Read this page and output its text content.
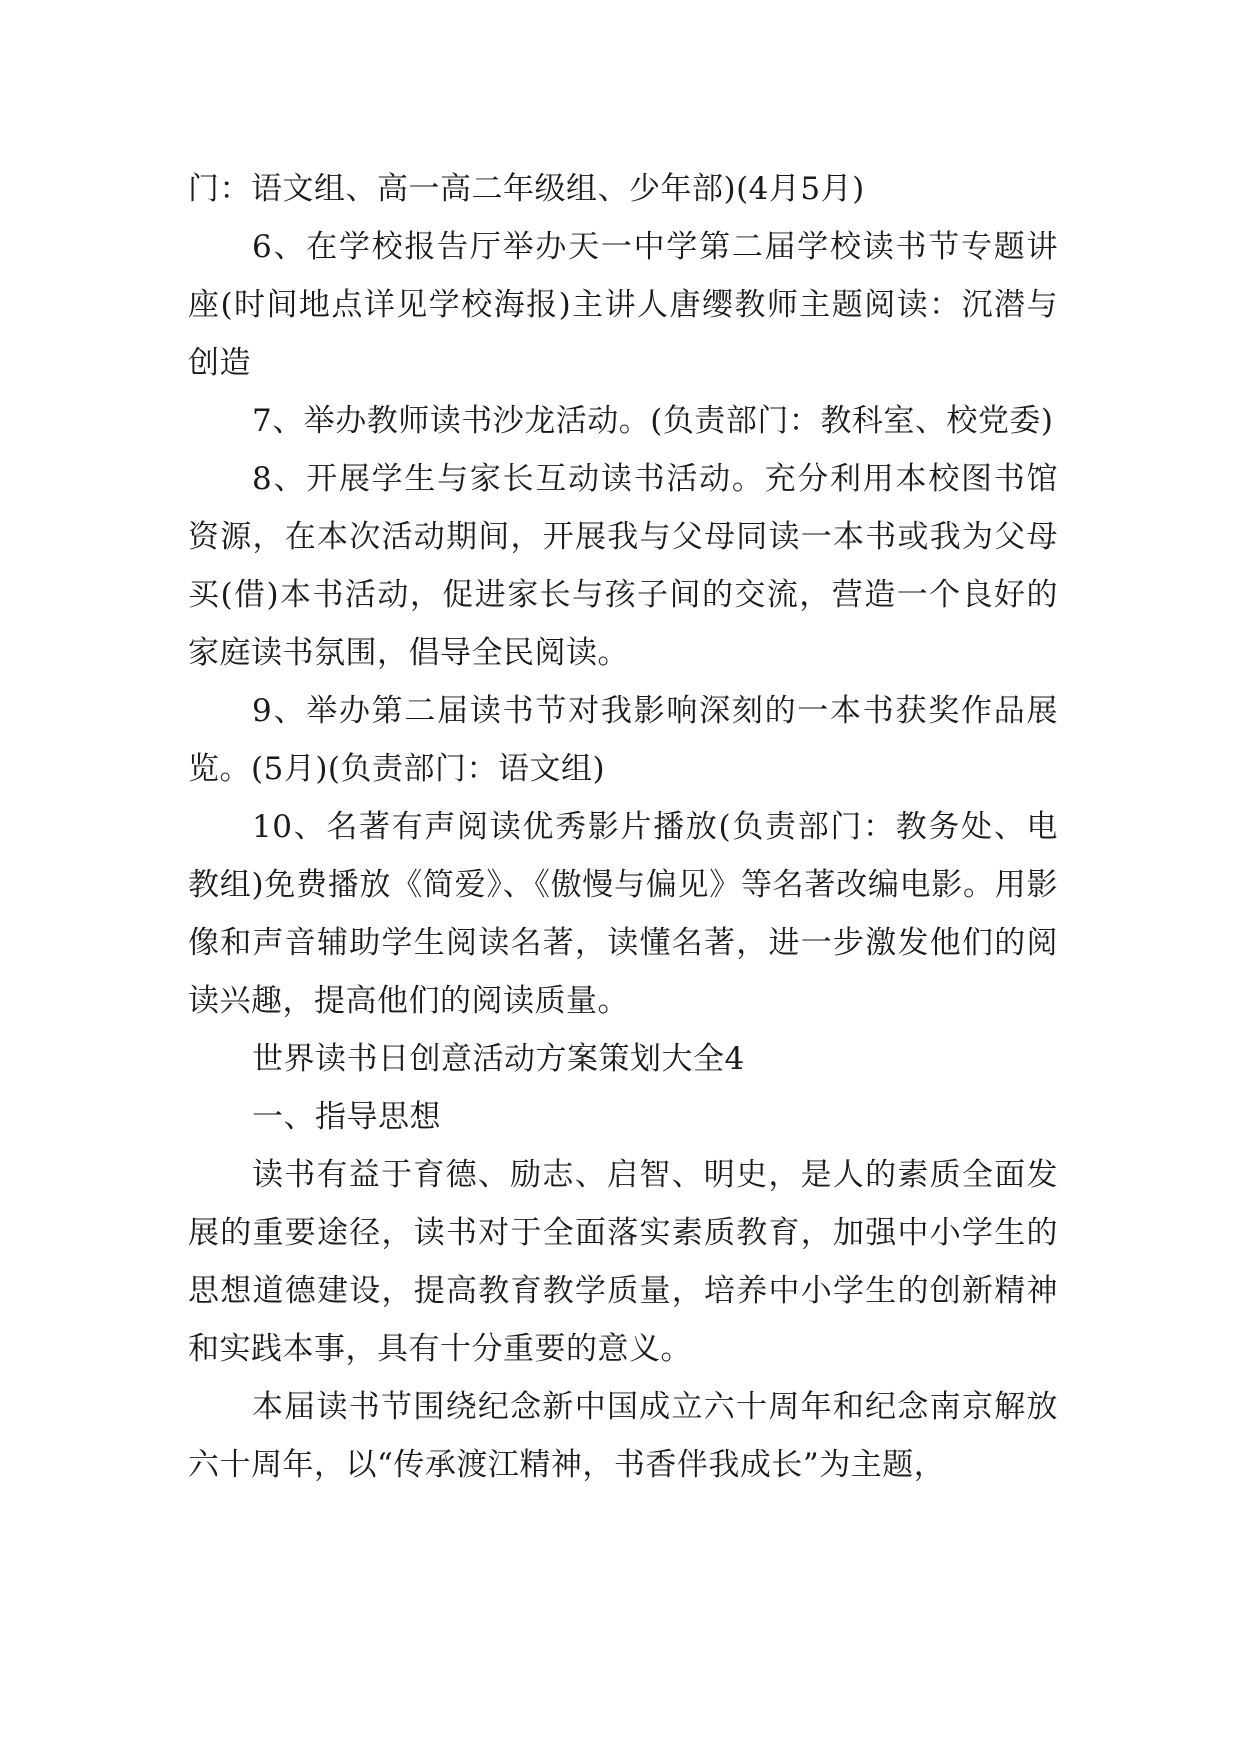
门：语文组、高一高二年级组、少年部)(4月5月)

6、在学校报告厅举办天一中学第二届学校读书节专题讲座(时间地点详见学校海报)主讲人唐缨教师主题阅读：沉潜与创造

7、举办教师读书沙龙活动。(负责部门：教科室、校党委)

8、开展学生与家长互动读书活动。充分利用本校图书馆资源，在本次活动期间，开展我与父母同读一本书或我为父母买(借)本书活动，促进家长与孩子间的交流，营造一个良好的家庭读书氛围，倡导全民阅读。

9、举办第二届读书节对我影响深刻的一本书获奖作品展览。(5月)(负责部门：语文组)

10、名著有声阅读优秀影片播放(负责部门：教务处、电教组)免费播放《简爱》、《傲慢与偏见》等名著改编电影。用影像和声音辅助学生阅读名著，读懂名著，进一步激发他们的阅读兴趣，提高他们的阅读质量。

世界读书日创意活动方案策划大全4

一、指导思想

读书有益于育德、励志、启智、明史，是人的素质全面发展的重要途径，读书对于全面落实素质教育，加强中小学生的思想道德建设，提高教育教学质量，培养中小学生的创新精神和实践本事，具有十分重要的意义。

本届读书节围绕纪念新中国成立六十周年和纪念南京解放六十周年，以“传承渡江精神，书香伴我成长”为主题，
